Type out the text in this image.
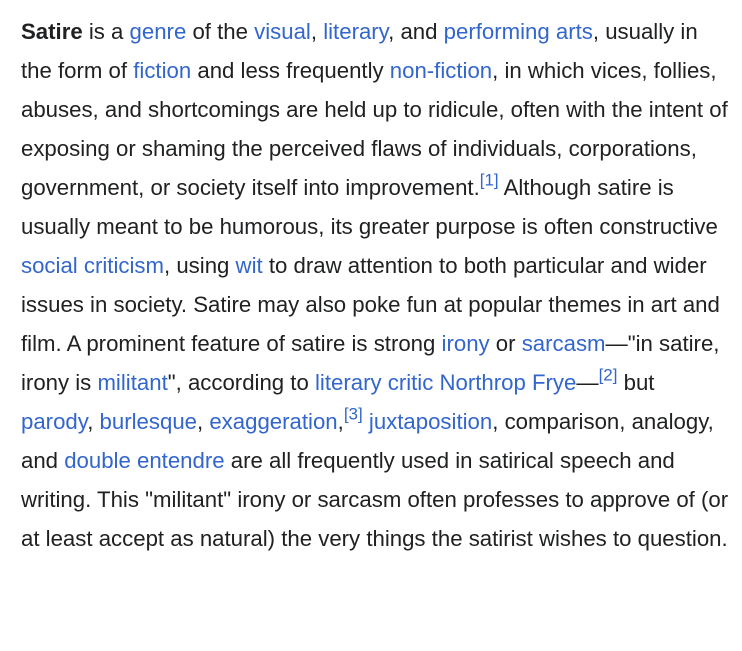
Satire is a genre of the visual, literary, and performing arts, usually in the form of fiction and less frequently non-fiction, in which vices, follies, abuses, and shortcomings are held up to ridicule, often with the intent of exposing or shaming the perceived flaws of individuals, corporations, government, or society itself into improvement.[1] Although satire is usually meant to be humorous, its greater purpose is often constructive social criticism, using wit to draw attention to both particular and wider issues in society. Satire may also poke fun at popular themes in art and film. A prominent feature of satire is strong irony or sarcasm—"in satire, irony is militant", according to literary critic Northrop Frye—[2] but parody, burlesque, exaggeration,[3] juxtaposition, comparison, analogy, and double entendre are all frequently used in satirical speech and writing. This "militant" irony or sarcasm often professes to approve of (or at least accept as natural) the very things the satirist wishes to question.
